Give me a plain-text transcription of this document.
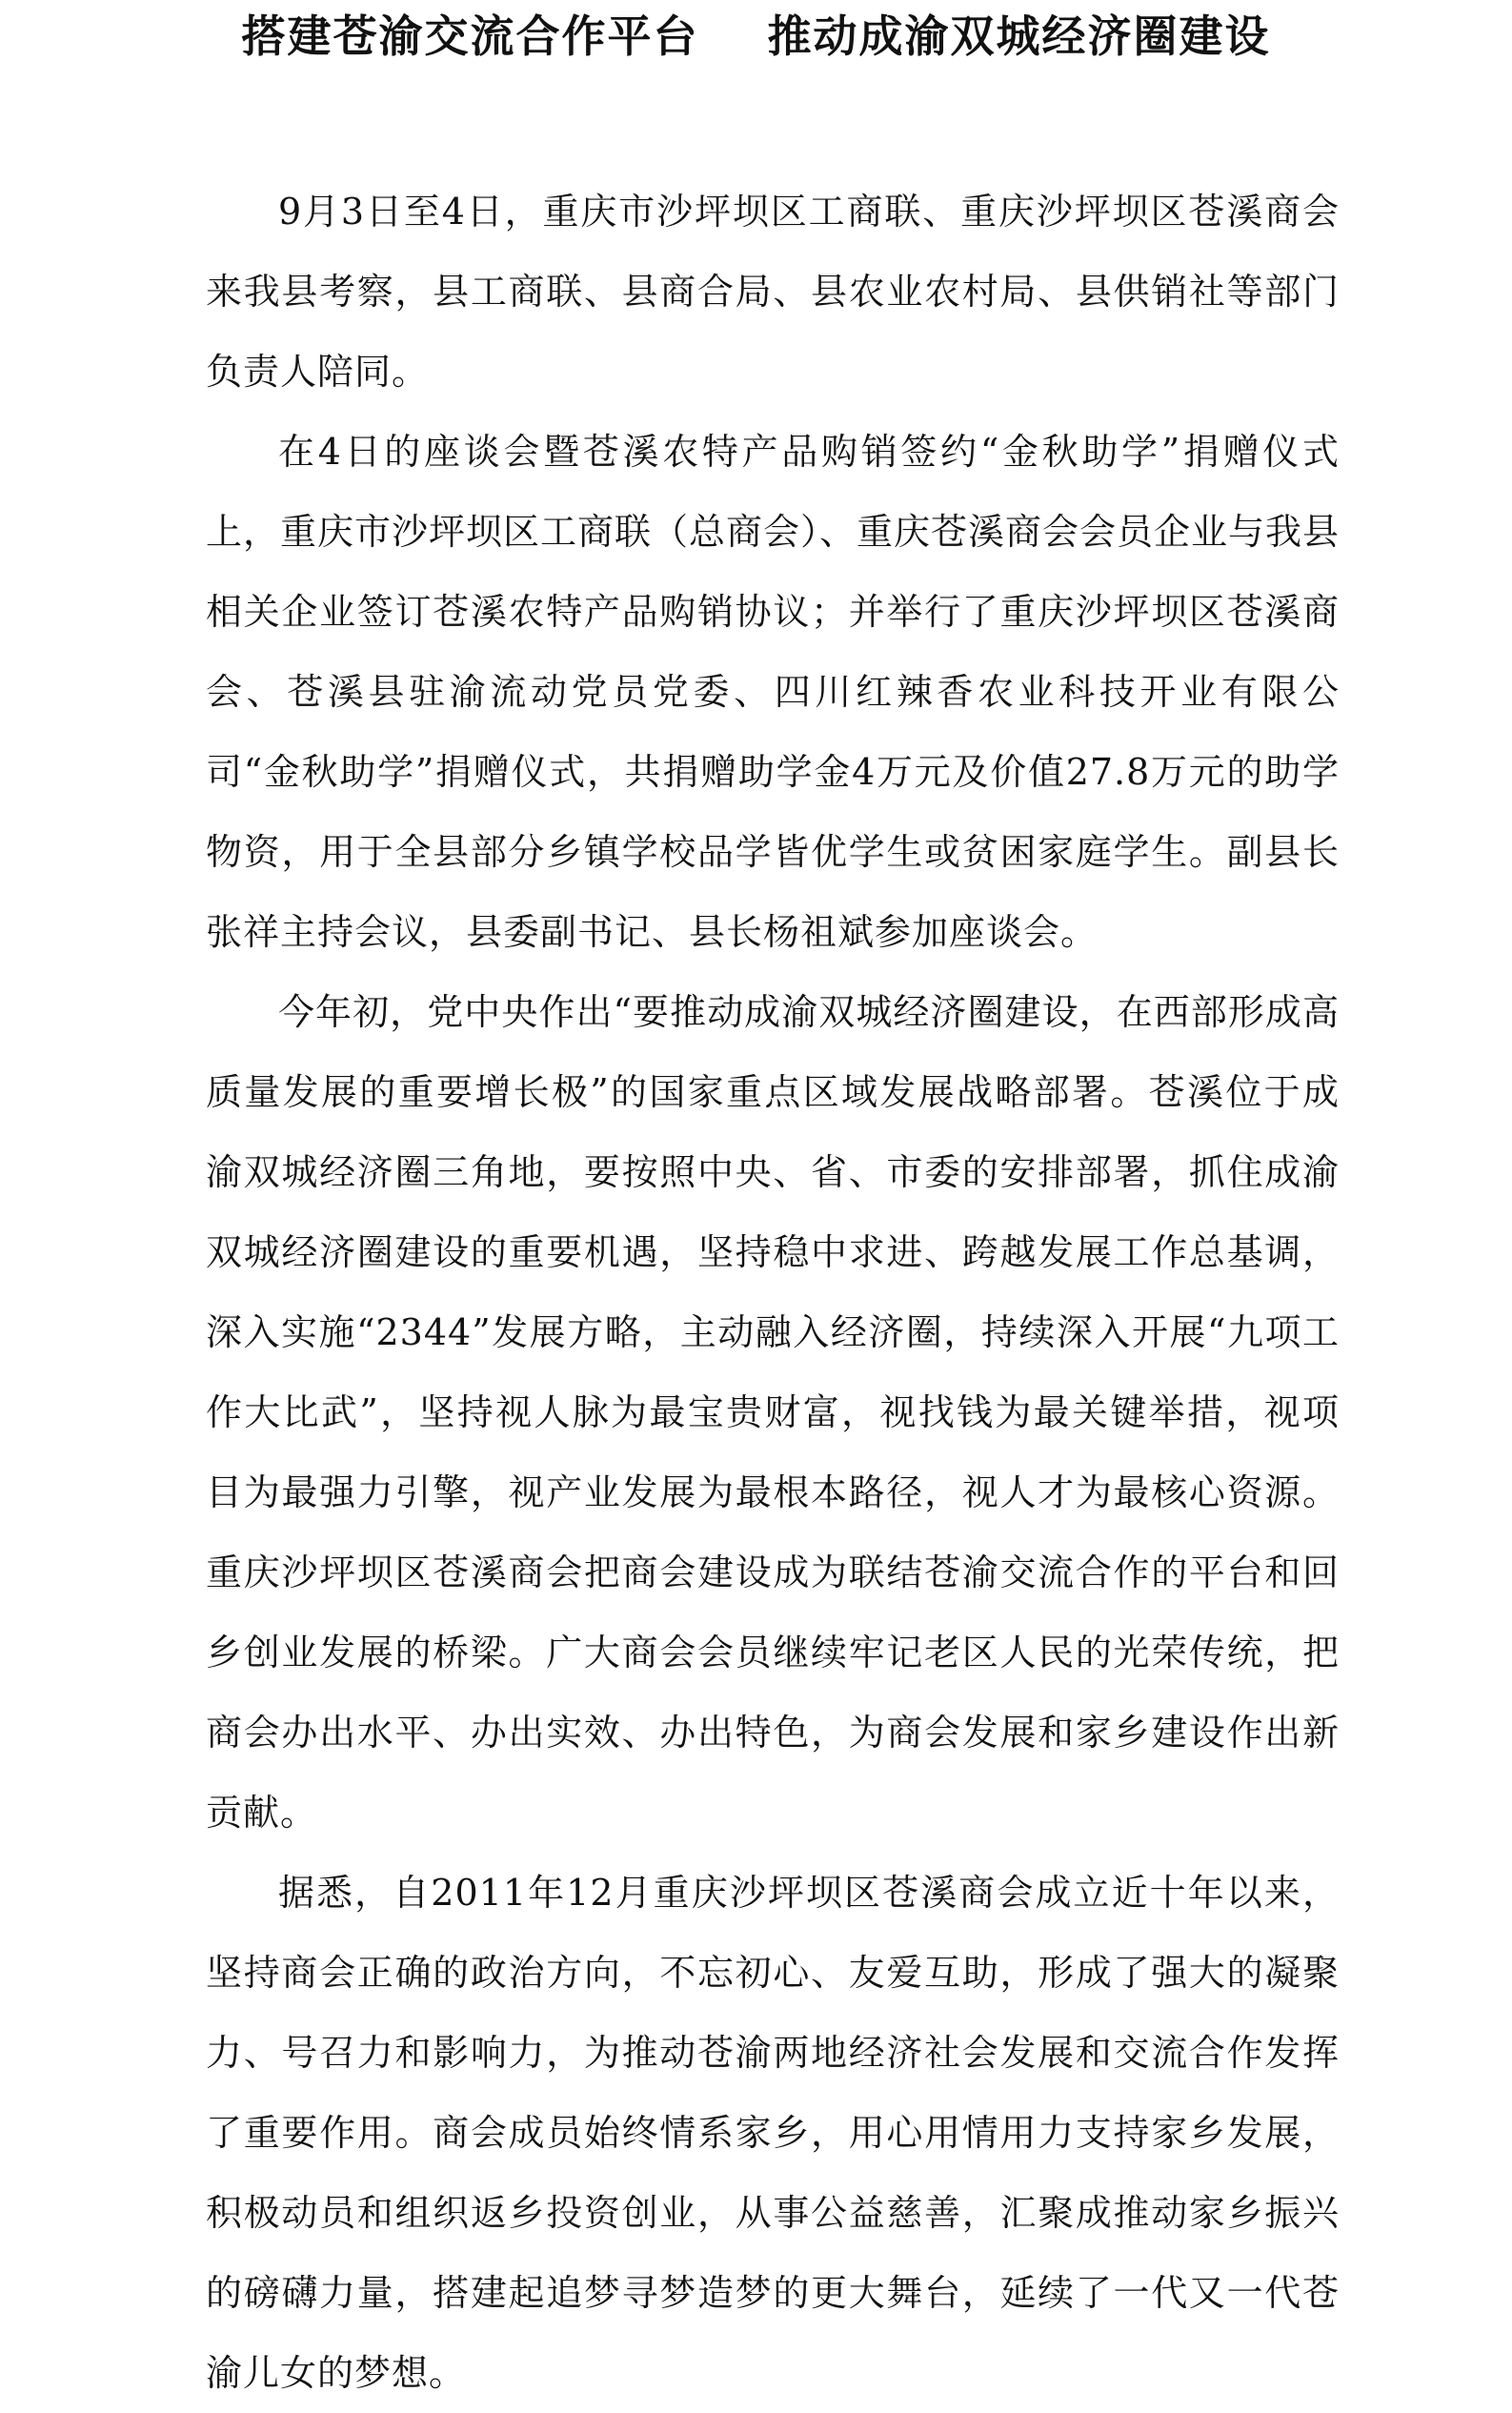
搭建苍渝交流合作平台    推动成渝双城经济圈建设

9月3日至4日，重庆市沙坪坝区工商联、重庆沙坪坝区苍溪商会来我县考察，县工商联、县商合局、县农业农村局、县供销社等部门负责人陪同。

在4日的座谈会暨苍溪农特产品购销签约“金秋助学”捐赠仪式上，重庆市沙坪坝区工商联（总商会）、重庆苍溪商会会员企业与我县相关企业签订苍溪农特产品购销协议；并举行了重庆沙坪坝区苍溪商会、苍溪县驻渝流动党员党委、四川红辣香农业科技开业有限公司“金秋助学”捐赠仪式，共捐赠助学金4万元及价值27.8万元的助学物资，用于全县部分乡镇学校品学皆优学生或贫困家庭学生。副县长张祥主持会议，县委副书记、县长杨祖斌参加座谈会。

今年初，党中央作出“要推动成渝双城经济圈建设，在西部形成高质量发展的重要增长极”的国家重点区域发展战略部署。苍溪位于成渝双城经济圈三角地，要按照中央、省、市委的安排部署，抓住成渝双城经济圈建设的重要机遇，坚持稳中求进、跨越发展工作总基调，深入实施“2344”发展方略，主动融入经济圈，持续深入开展“九项工作大比武”，坚持视人脉为最宝贵财富，视找钱为最关键举措，视项目为最强力引擎，视产业发展为最根本路径，视人才为最核心资源。重庆沙坪坝区苍溪商会把商会建设成为联结苍渝交流合作的平台和回乡创业发展的桥梁。广大商会会员继续牢记老区人民的光荣传统，把商会办出水平、办出实效、办出特色，为商会发展和家乡建设作出新贡献。

据悉，自2011年12月重庆沙坪坝区苍溪商会成立近十年以来，坚持商会正确的政治方向，不忘初心、友爱互助，形成了强大的凝聚力、号召力和影响力，为推动苍渝两地经济社会发展和交流合作发挥了重要作用。商会成员始终情系家乡，用心用情用力支持家乡发展，积极动员和组织返乡投资创业，从事公益慈善，汇聚成推动家乡振兴的磅礴力量，搭建起追梦寻梦造梦的更大舞台，延续了一代又一代苍渝儿女的梦想。
